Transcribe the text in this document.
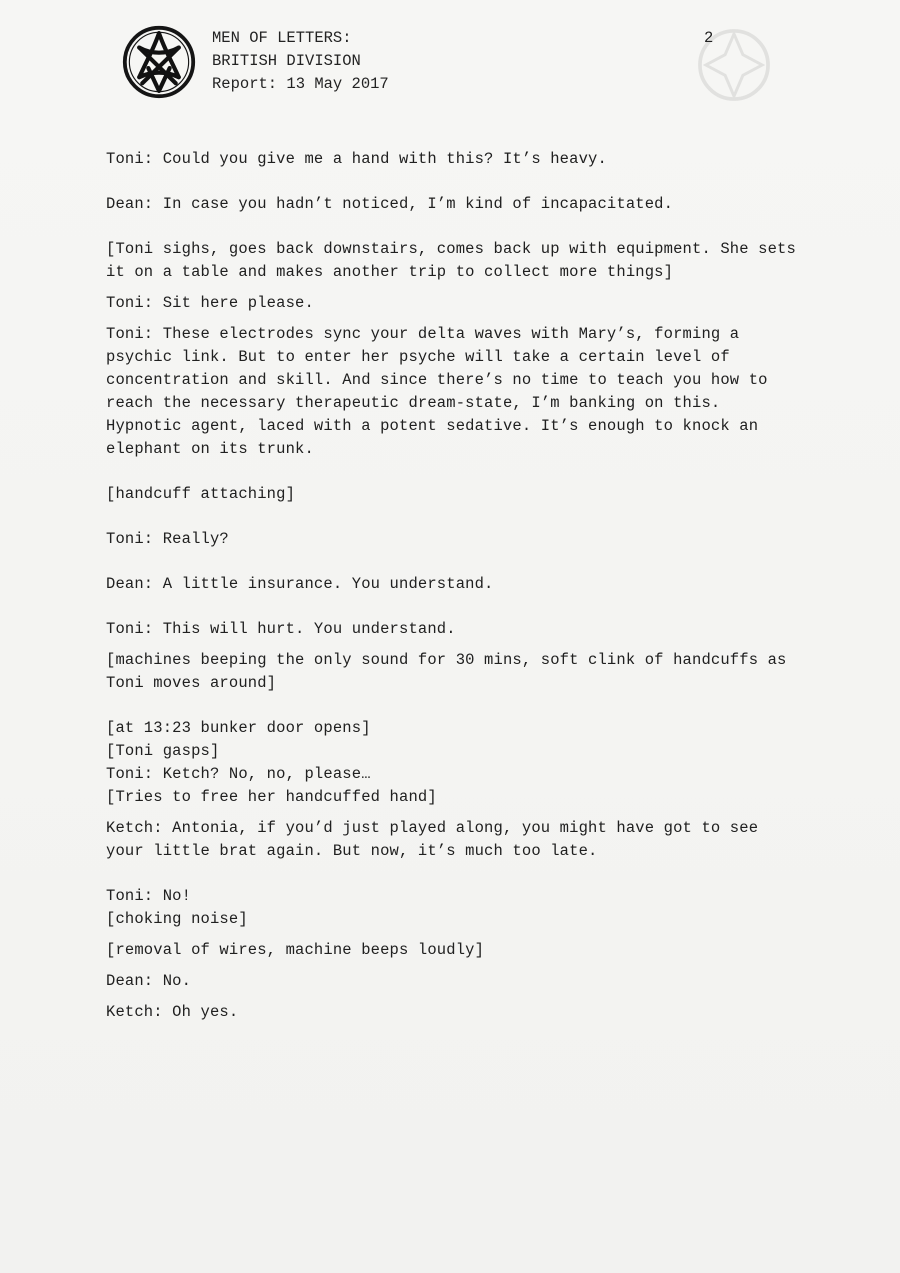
MEN OF LETTERS:
BRITISH DIVISION
Report: 13 May 2017
2
Toni: Could you give me a hand with this? It’s heavy.
Dean: In case you hadn’t noticed, I’m kind of incapacitated.
[Toni sighs, goes back downstairs, comes back up with equipment. She sets it on a table and makes another trip to collect more things]
Toni: Sit here please.
Toni: These electrodes sync your delta waves with Mary’s, forming a psychic link. But to enter her psyche will take a certain level of concentration and skill. And since there’s no time to teach you how to reach the necessary therapeutic dream-state, I’m banking on this. Hypnotic agent, laced with a potent sedative. It’s enough to knock an elephant on its trunk.
[handcuff attaching]
Toni: Really?
Dean: A little insurance. You understand.
Toni: This will hurt. You understand.
[machines beeping the only sound for 30 mins, soft clink of handcuffs as Toni moves around]
[at 13:23 bunker door opens]
[Toni gasps]
Toni: Ketch? No, no, please…
[Tries to free her handcuffed hand]
Ketch: Antonia, if you’d just played along, you might have got to see your little brat again. But now, it’s much too late.
Toni: No!
[choking noise]
[removal of wires, machine beeps loudly]
Dean: No.
Ketch: Oh yes.
